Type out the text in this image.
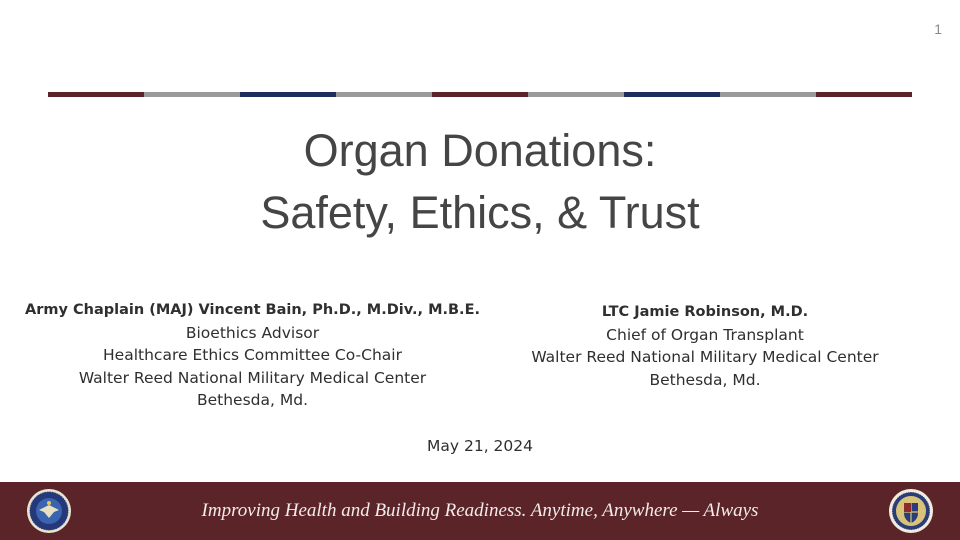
1
Organ Donations:
Safety, Ethics, & Trust
Army Chaplain (MAJ) Vincent Bain, Ph.D., M.Div., M.B.E.
Bioethics Advisor
Healthcare Ethics Committee Co-Chair
Walter Reed National Military Medical Center
Bethesda, Md.
LTC Jamie Robinson, M.D.
Chief of Organ Transplant
Walter Reed National Military Medical Center
Bethesda, Md.
May 21, 2024
Improving Health and Building Readiness. Anytime, Anywhere — Always
